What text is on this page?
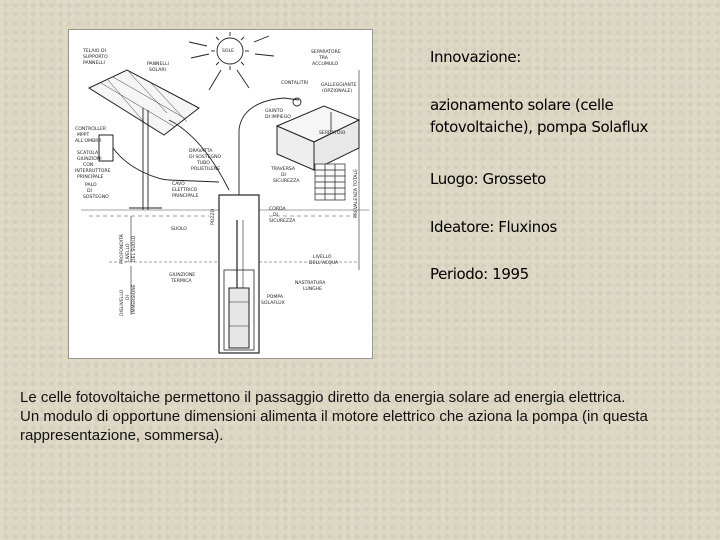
SOLE
TELAIO DI
SUPPORTO
PANNELLI	PANNELLI
SOLARI
CONTROLLER
MPPT
ALL'OMBRA
SCATOLA
GIUNZIONI
CON
INTERRUTTORE
PRINCIPALE
PALO
DI
SOSTEGNO
CAVO
ELETTRICO
PRINCIPALE
DRAVATTA
DI SOSTEGNO
TUBO
POLIETILENE
CONTALITRI
SEPARATORE
TRA
ACCUMULO
GALLEGGIANTE
(OPZIONALE)
SERBATOIO
GIUNTO
DI IMPIEGO
TRAVERSA
DI
SICUREZZA	PREVALENZA TOTALE
SUOLO
POZZO	CORDA
DI
SICUREZZA
LIVELLO
DELL'ACQUA
PROFONDITÀ LIVELLO DEL SUOLO
DISLIVELLO DI IMMERSIONE
GIUNZIONE
TERMICA	NASTRATURA
LUNGHE
POMPA
SOLAFLUX
Innovazione:
azionamento solare (celle fotovoltaiche), pompa Solaflux
Luogo: Grosseto
Ideatore: Fluxinos
Periodo: 1995

Le celle fotovoltaiche permettono il passaggio diretto da energia solare ad energia elettrica.

Un modulo di opportune dimensioni alimenta il motore elettrico che aziona la pompa (in questa rappresentazione, sommersa).
